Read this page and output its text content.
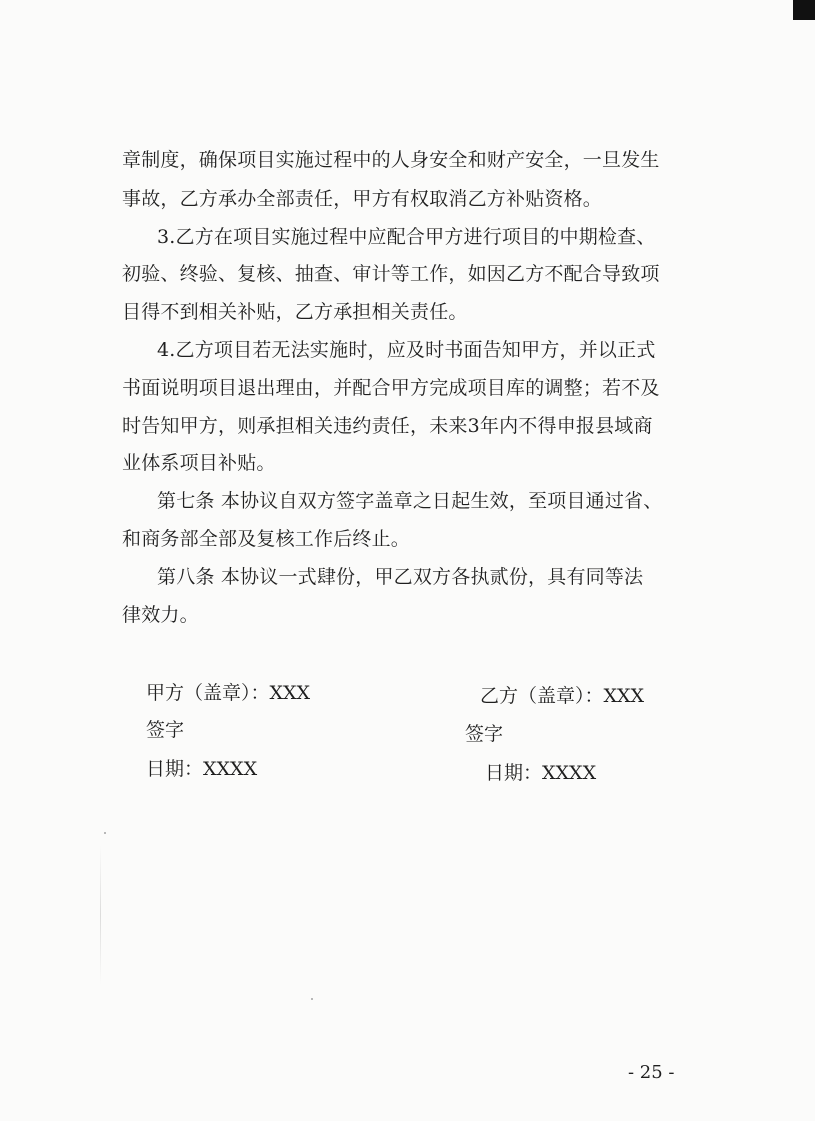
章制度，确保项目实施过程中的人身安全和财产安全，一旦发生
事故，乙方承办全部责任，甲方有权取消乙方补贴资格。
3.乙方在项目实施过程中应配合甲方进行项目的中期检查、
初验、终验、复核、抽查、审计等工作，如因乙方不配合导致项
目得不到相关补贴，乙方承担相关责任。
4.乙方项目若无法实施时，应及时书面告知甲方，并以正式
书面说明项目退出理由，并配合甲方完成项目库的调整；若不及
时告知甲方，则承担相关违约责任，未来3年内不得申报县域商
业体系项目补贴。
第七条 本协议自双方签字盖章之日起生效，至项目通过省、
和商务部全部及复核工作后终止。
第八条 本协议一式肆份，甲乙双方各执贰份，具有同等法
律效力。
甲方（盖章）：XXX
签字
日期：XXXX
乙方（盖章）：XXX
签字
日期：XXXX
- 25 -
